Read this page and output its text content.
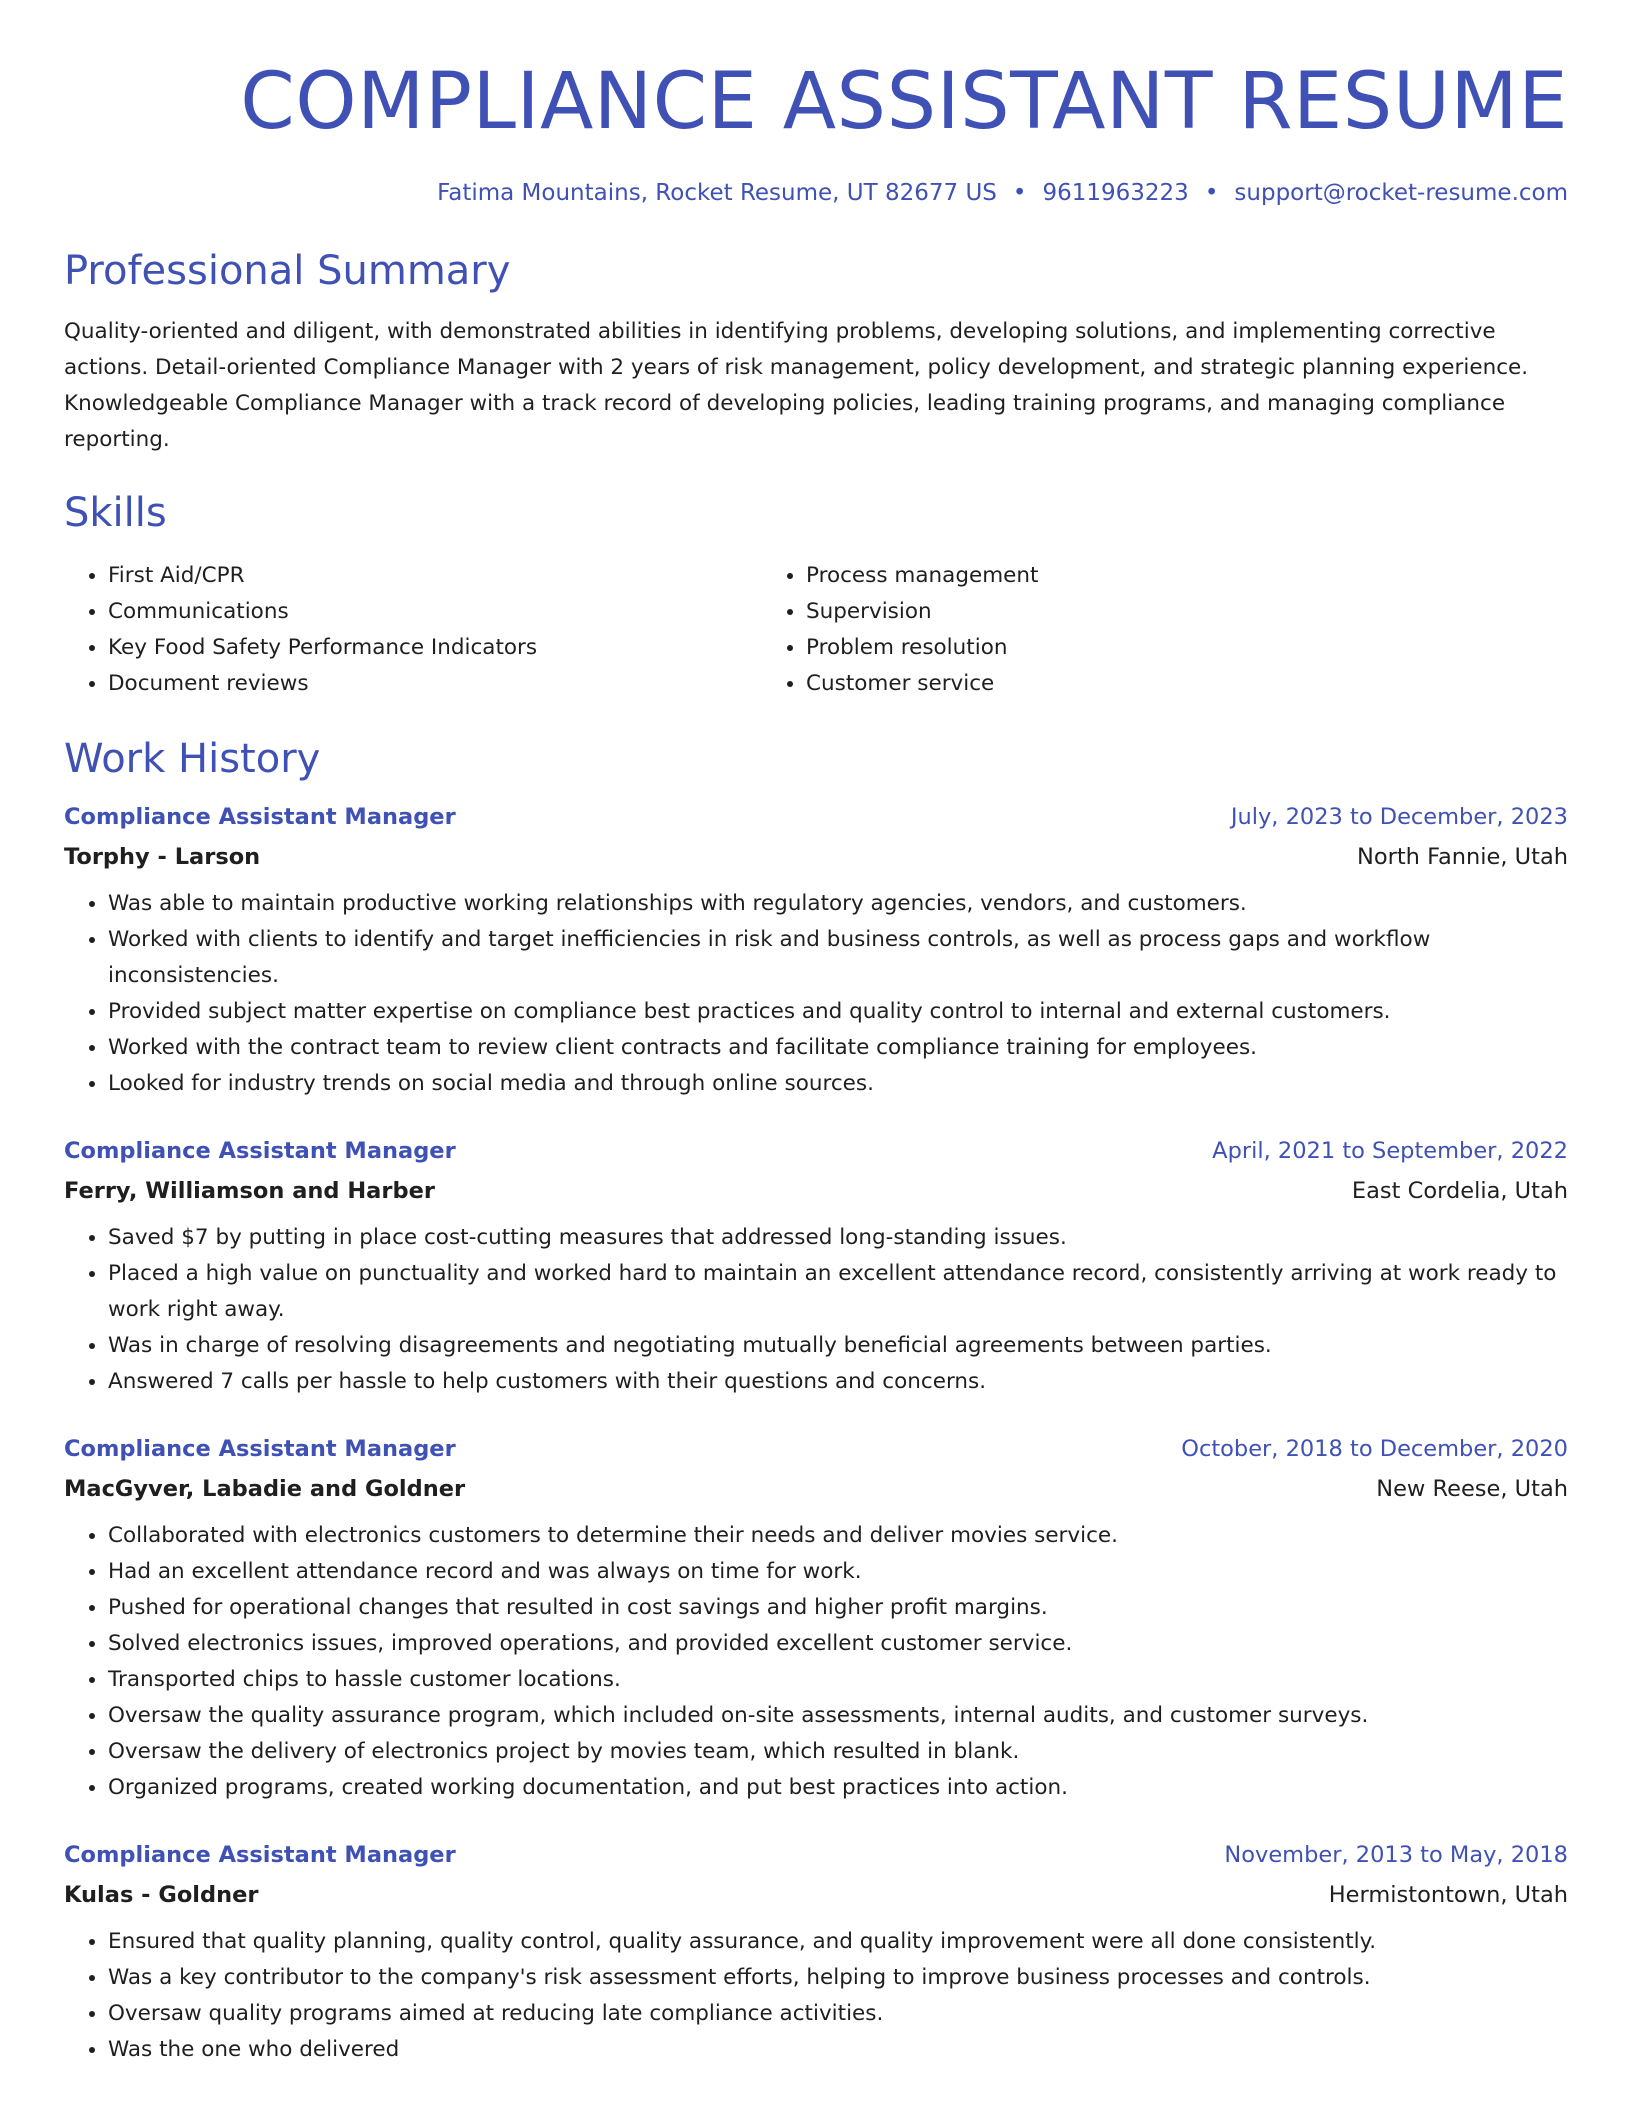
COMPLIANCE ASSISTANT RESUME
Fatima Mountains, Rocket Resume, UT 82677 US • 9611963223 • support@rocket-resume.com
Professional Summary
Quality-oriented and diligent, with demonstrated abilities in identifying problems, developing solutions, and implementing corrective actions. Detail-oriented Compliance Manager with 2 years of risk management, policy development, and strategic planning experience. Knowledgeable Compliance Manager with a track record of developing policies, leading training programs, and managing compliance reporting.
Skills
• First Aid/CPR
• Communications
• Key Food Safety Performance Indicators
• Document reviews
• Process management
• Supervision
• Problem resolution
• Customer service
Work History
Compliance Assistant Manager	July, 2023 to December, 2023
Torphy - Larson	North Fannie, Utah
• Was able to maintain productive working relationships with regulatory agencies, vendors, and customers.
• Worked with clients to identify and target inefficiencies in risk and business controls, as well as process gaps and workflow inconsistencies.
• Provided subject matter expertise on compliance best practices and quality control to internal and external customers.
• Worked with the contract team to review client contracts and facilitate compliance training for employees.
• Looked for industry trends on social media and through online sources.
Compliance Assistant Manager	April, 2021 to September, 2022
Ferry, Williamson and Harber	East Cordelia, Utah
• Saved $7 by putting in place cost-cutting measures that addressed long-standing issues.
• Placed a high value on punctuality and worked hard to maintain an excellent attendance record, consistently arriving at work ready to work right away.
• Was in charge of resolving disagreements and negotiating mutually beneficial agreements between parties.
• Answered 7 calls per hassle to help customers with their questions and concerns.
Compliance Assistant Manager	October, 2018 to December, 2020
MacGyver, Labadie and Goldner	New Reese, Utah
• Collaborated with electronics customers to determine their needs and deliver movies service.
• Had an excellent attendance record and was always on time for work.
• Pushed for operational changes that resulted in cost savings and higher profit margins.
• Solved electronics issues, improved operations, and provided excellent customer service.
• Transported chips to hassle customer locations.
• Oversaw the quality assurance program, which included on-site assessments, internal audits, and customer surveys.
• Oversaw the delivery of electronics project by movies team, which resulted in blank.
• Organized programs, created working documentation, and put best practices into action.
Compliance Assistant Manager	November, 2013 to May, 2018
Kulas - Goldner	Hermistontown, Utah
• Ensured that quality planning, quality control, quality assurance, and quality improvement were all done consistently.
• Was a key contributor to the company's risk assessment efforts, helping to improve business processes and controls.
• Oversaw quality programs aimed at reducing late compliance activities.
• Was the one who delivered
